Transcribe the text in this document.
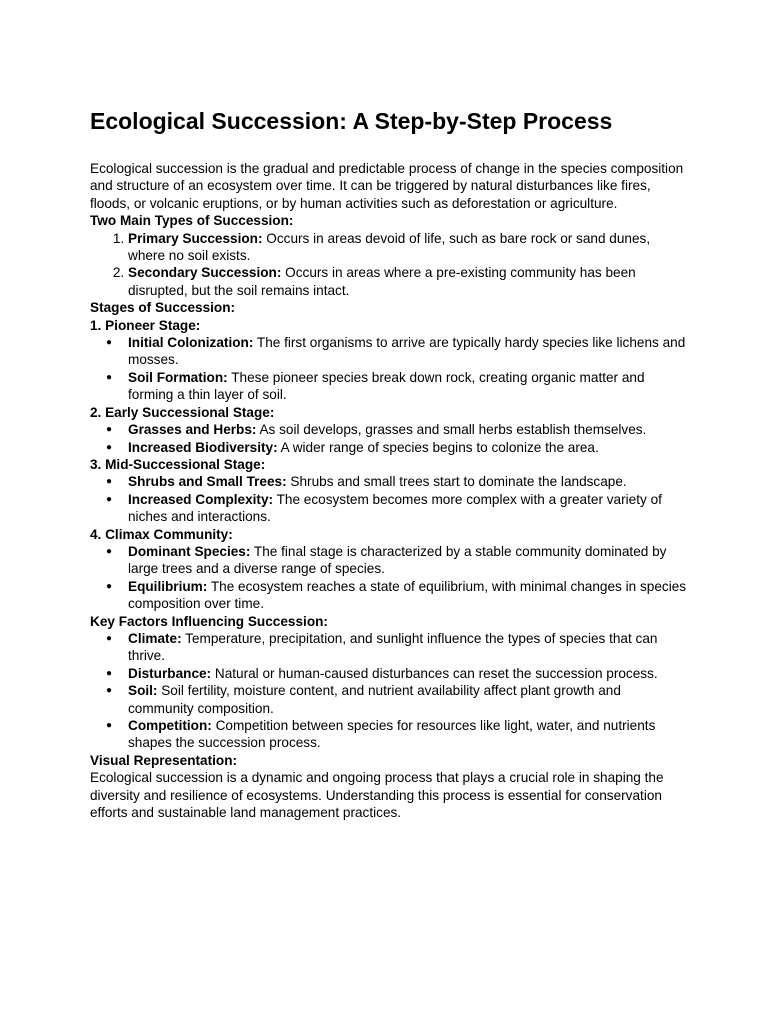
Ecological Succession: A Step-by-Step Process

Ecological succession is the gradual and predictable process of change in the species composition and structure of an ecosystem over time. It can be triggered by natural disturbances like fires, floods, or volcanic eruptions, or by human activities such as deforestation or agriculture.

Two Main Types of Succession:

1. Primary Succession: Occurs in areas devoid of life, such as bare rock or sand dunes, where no soil exists.
2. Secondary Succession: Occurs in areas where a pre-existing community has been disrupted, but the soil remains intact.

Stages of Succession:

1. Pioneer Stage:

● Initial Colonization: The first organisms to arrive are typically hardy species like lichens and mosses.
● Soil Formation: These pioneer species break down rock, creating organic matter and forming a thin layer of soil.

2. Early Successional Stage:

● Grasses and Herbs: As soil develops, grasses and small herbs establish themselves.
● Increased Biodiversity: A wider range of species begins to colonize the area.

3. Mid-Successional Stage:

● Shrubs and Small Trees: Shrubs and small trees start to dominate the landscape.
● Increased Complexity: The ecosystem becomes more complex with a greater variety of niches and interactions.

4. Climax Community:

● Dominant Species: The final stage is characterized by a stable community dominated by large trees and a diverse range of species.
● Equilibrium: The ecosystem reaches a state of equilibrium, with minimal changes in species composition over time.

Key Factors Influencing Succession:

● Climate: Temperature, precipitation, and sunlight influence the types of species that can thrive.
● Disturbance: Natural or human-caused disturbances can reset the succession process.
● Soil: Soil fertility, moisture content, and nutrient availability affect plant growth and community composition.
● Competition: Competition between species for resources like light, water, and nutrients shapes the succession process.

Visual Representation:

Ecological succession is a dynamic and ongoing process that plays a crucial role in shaping the diversity and resilience of ecosystems. Understanding this process is essential for conservation efforts and sustainable land management practices.
